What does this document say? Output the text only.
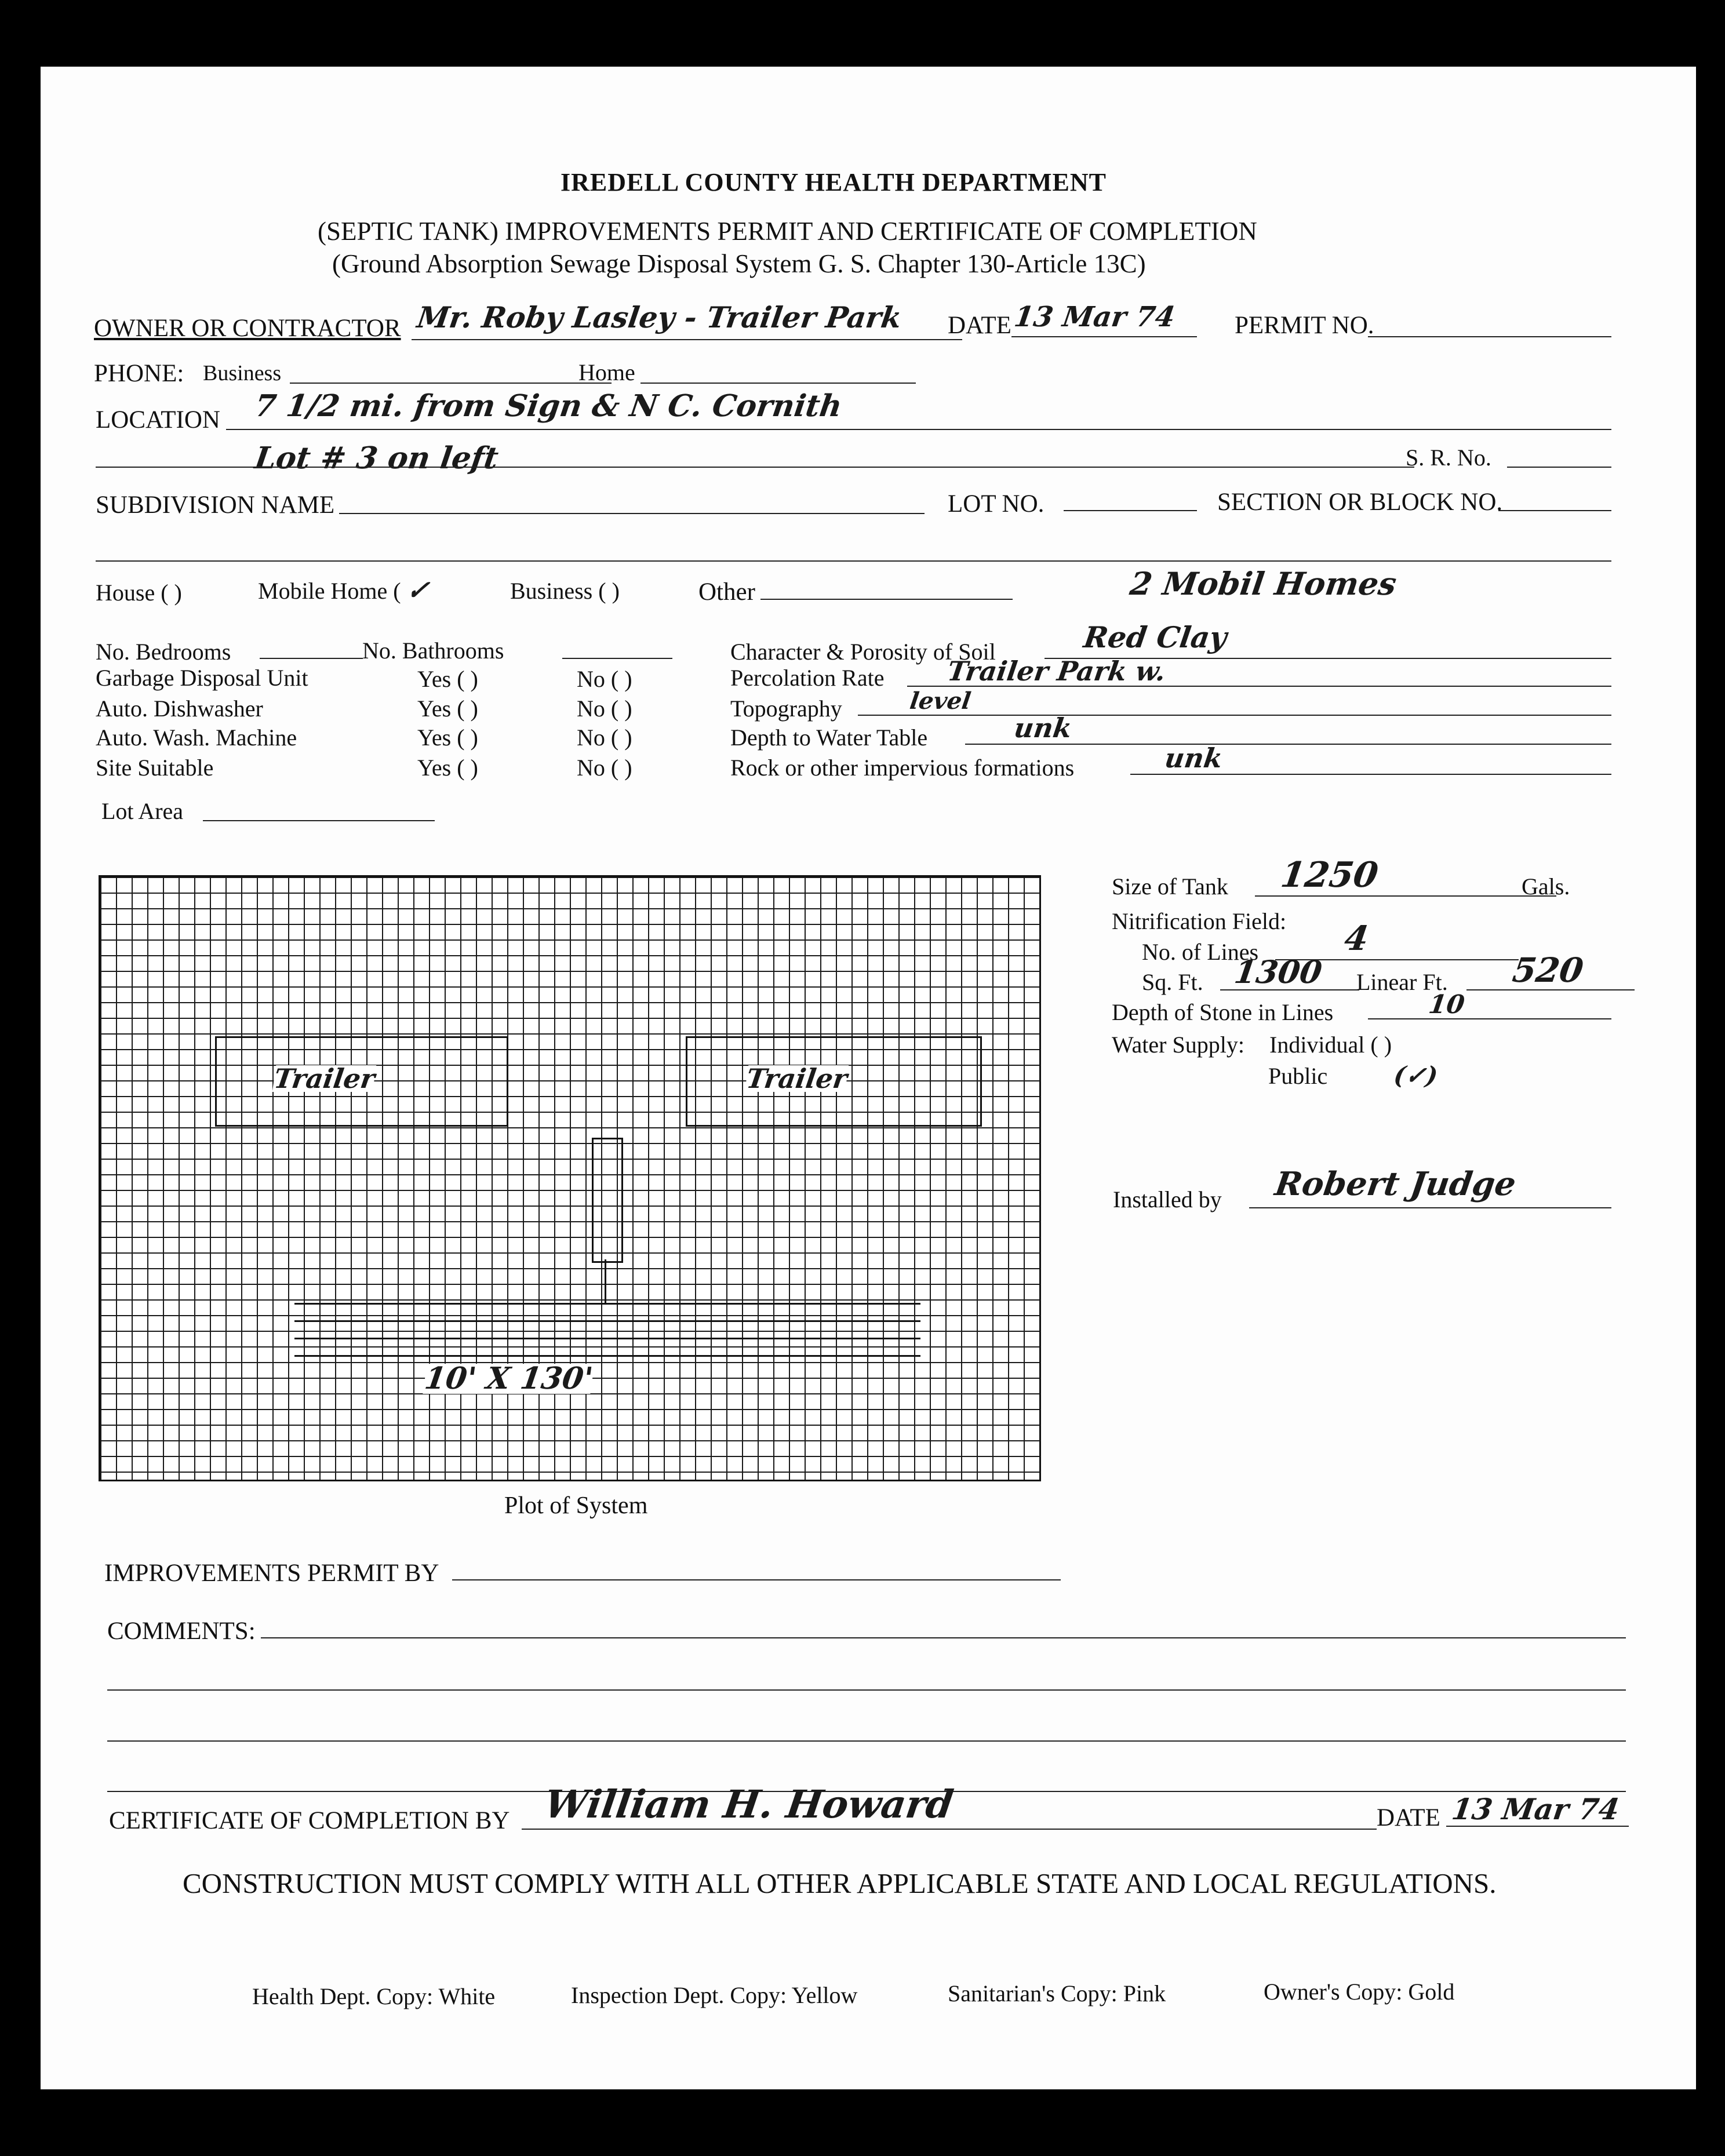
IREDELL COUNTY HEALTH DEPARTMENT
(SEPTIC TANK) IMPROVEMENTS PERMIT AND CERTIFICATE OF COMPLETION
(Ground Absorption Sewage Disposal System G. S. Chapter 130-Article 13C)
OWNER OR CONTRACTOR Mr. Roby Lasley - Trailer Park DATE 13 Mar 74 PERMIT NO.
PHONE: Business	Home
LOCATION 7 1/2 mi. from Sign & N C. Cornith
Lot # 3 on left	S. R. No.
SUBDIVISION NAME	LOT NO.	SECTION OR BLOCK NO.
House ( )	Mobile Home ( ✓	Business ( )	Other	2 Mobil Homes
No. Bedrooms	No. Bathrooms
Garbage Disposal Unit	Yes ( )	No ( )
Auto. Dishwasher	Yes ( )	No ( )
Auto. Wash. Machine	Yes ( )	No ( )
Site Suitable	Yes ( )	No ( )
Lot Area
Character & Porosity of Soil	Red Clay
Percolation Rate Trailer Park w.
Topography	level
Depth to Water Table	unk
Rock or other impervious formations	unk
Trailer	Trailer
10' X 130'
Plot of System
Size of Tank 1250	Gals.
Nitrification Field:
No. of Lines 4
Sq. Ft. 1300 Linear Ft. 520
Depth of Stone in Lines	10
Water Supply: Individual ( )
Public	(✓)
Installed by Robert Judge
IMPROVEMENTS PERMIT BY
COMMENTS:
CERTIFICATE OF COMPLETION BY William H. Howard	DATE 13 Mar 74
CONSTRUCTION MUST COMPLY WITH ALL OTHER APPLICABLE STATE AND LOCAL REGULATIONS.
Health Dept. Copy: White	Inspection Dept. Copy: Yellow	Sanitarian's Copy: Pink	Owner's Copy: Gold
